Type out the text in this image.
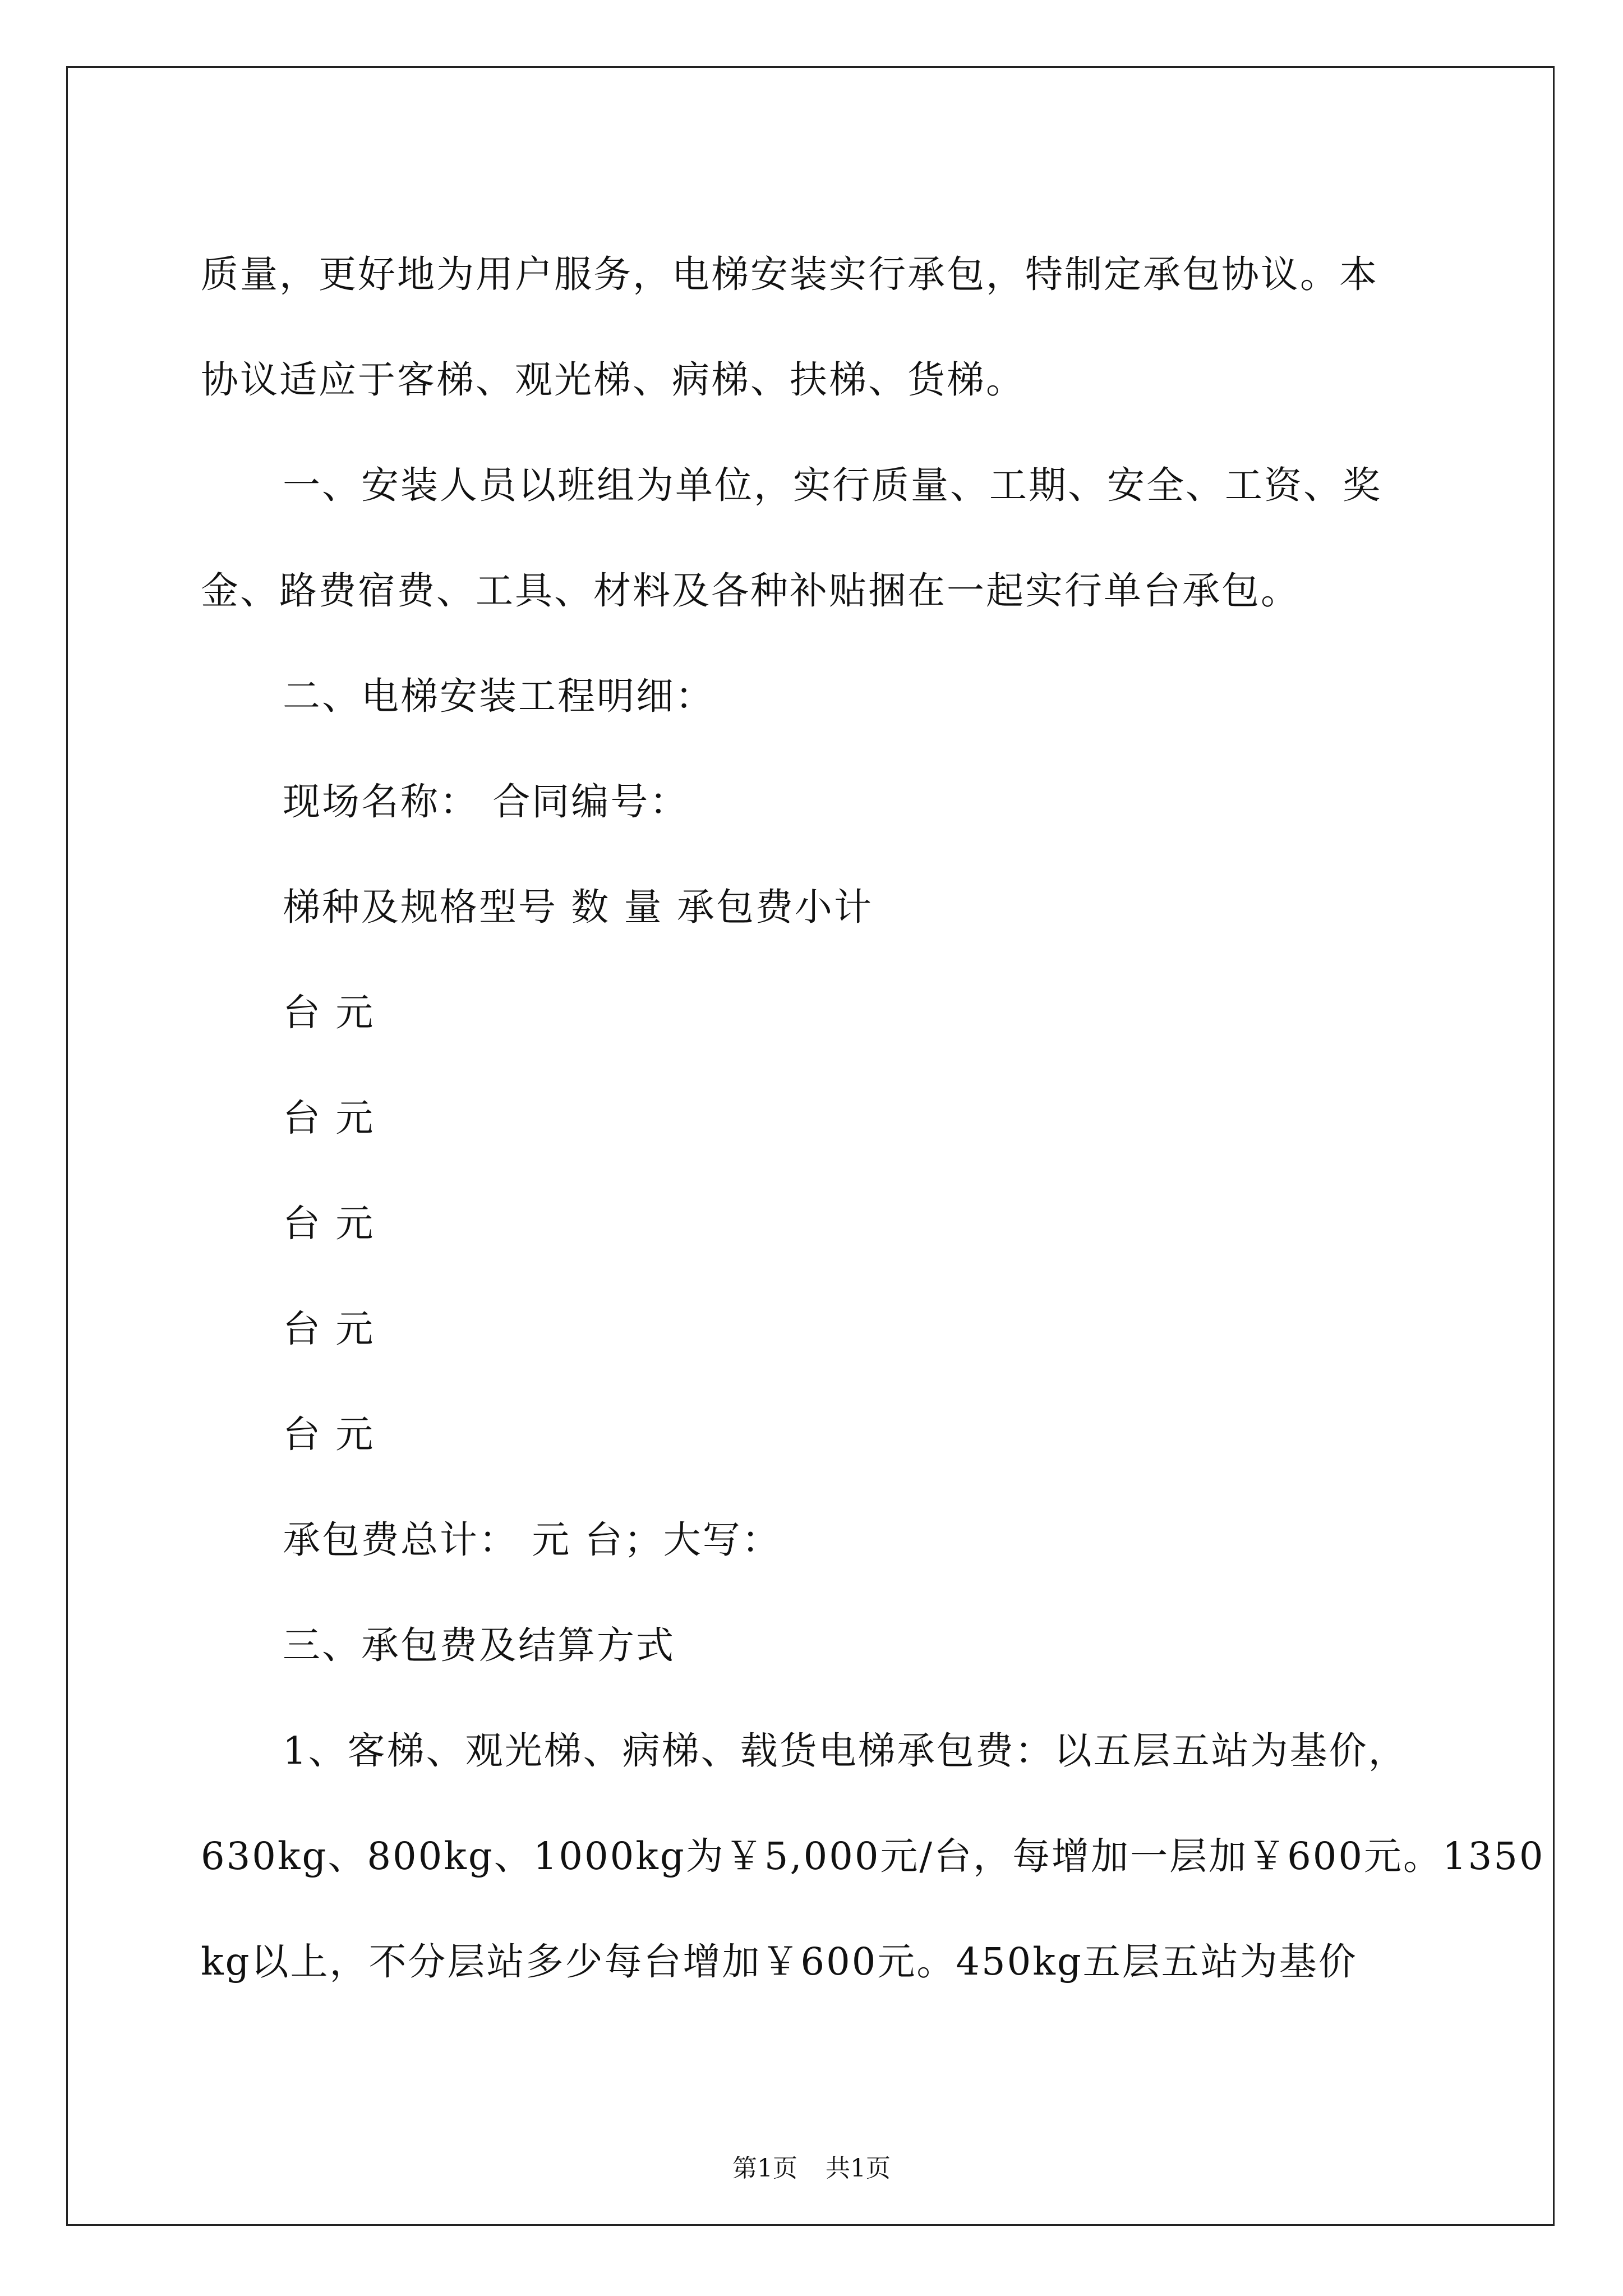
质量，更好地为用户服务，电梯安装实行承包，特制定承包协议。本
协议适应于客梯、观光梯、病梯、扶梯、货梯。
一、安装人员以班组为单位，实行质量、工期、安全、工资、奖
金、路费宿费、工具、材料及各种补贴捆在一起实行单台承包。
二、电梯安装工程明细：
现场名称： 合同编号：
梯种及规格型号 数 量 承包费小计
台 元
台 元
台 元
台 元
台 元
承包费总计： 元 台；大写：
三、承包费及结算方式
1、客梯、观光梯、病梯、载货电梯承包费：以五层五站为基价，
630kg、800kg、1000kg为￥5,000元/台，每增加一层加￥600元。1350
kg以上，不分层站多少每台增加￥600元。450kg五层五站为基价
第1页 共1页
